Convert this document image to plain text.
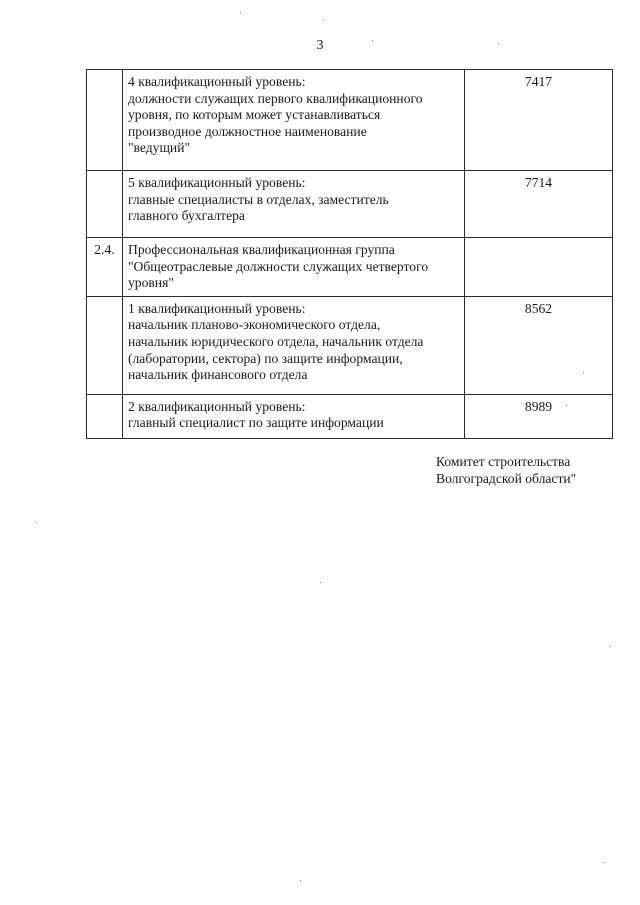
3

	4 квалификационный уровень:
должности служащих первого квалификационного
уровня, по которым может устанавливаться
производное должностное наименование
"ведущий"	7417

	5 квалификационный уровень:
главные специалисты в отделах, заместитель
главного бухгалтера	7714
2.4.	Профессиональная квалификационная группа
"Общеотраслевые должности служащих четвертого
уровня"	

	1 квалификационный уровень:
начальник планово-экономического отдела,
начальник юридического отдела, начальник отдела
(лаборатории, сектора) по защите информации,
начальник финансового отдела	8562

	2 квалификационный уровень:
главный специалист по защите информации	8989
Комитет строительства
Волгоградской области"
